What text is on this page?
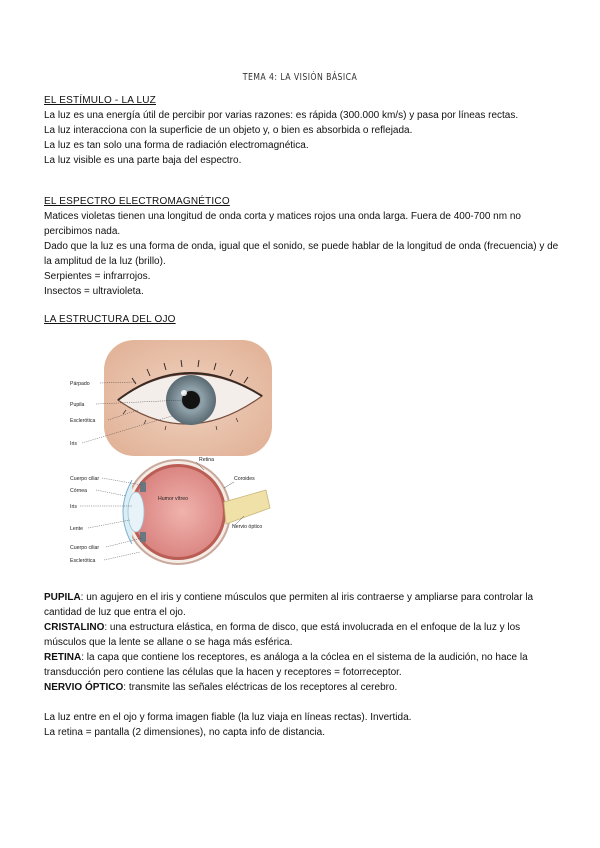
TEMA 4: LA VISIÓN BÁSICA

EL ESTÍMULO - LA LUZ

La luz es una energía útil de percibir por varias razones: es rápida (300.000 km/s) y pasa por líneas rectas.

La luz interacciona con la superficie de un objeto y, o bien es absorbida o reflejada.

La luz es tan solo una forma de radiación electromagnética.

La luz visible es una parte baja del espectro.

EL ESPECTRO ELECTROMAGNÉTICO

Matices violetas tienen una longitud de onda corta y matices rojos una onda larga. Fuera de 400-700 nm no percibimos nada.

Dado que la luz es una forma de onda, igual que el sonido, se puede hablar de la longitud de onda (frecuencia) y de la amplitud de la luz (brillo).

Serpientes = infrarrojos.

Insectos = ultravioleta.

LA ESTRUCTURA DEL OJO

Párpado
Pupila
Esclerótica
Iris
Cuerpo ciliar
Córnea
Iris
Lente
Cuerpo ciliar
Esclerótica
Retina
Coroides
Humor vítreo
Nervio óptico

PUPILA: un agujero en el iris y contiene músculos que permiten al iris contraerse y ampliarse para controlar la cantidad de luz que entra el ojo.

CRISTALINO: una estructura elástica, en forma de disco, que está involucrada en el enfoque de la luz y los músculos que la lente se allane o se haga más esférica.

RETINA: la capa que contiene los receptores, es análoga a la cóclea en el sistema de la audición, no hace la transducción pero contiene las células que la hacen y receptores = fotorreceptor.

NERVIO ÓPTICO: transmite las señales eléctricas de los receptores al cerebro.

La luz entre en el ojo y forma imagen fiable (la luz viaja en líneas rectas). Invertida.

La retina = pantalla (2 dimensiones), no capta info de distancia.
